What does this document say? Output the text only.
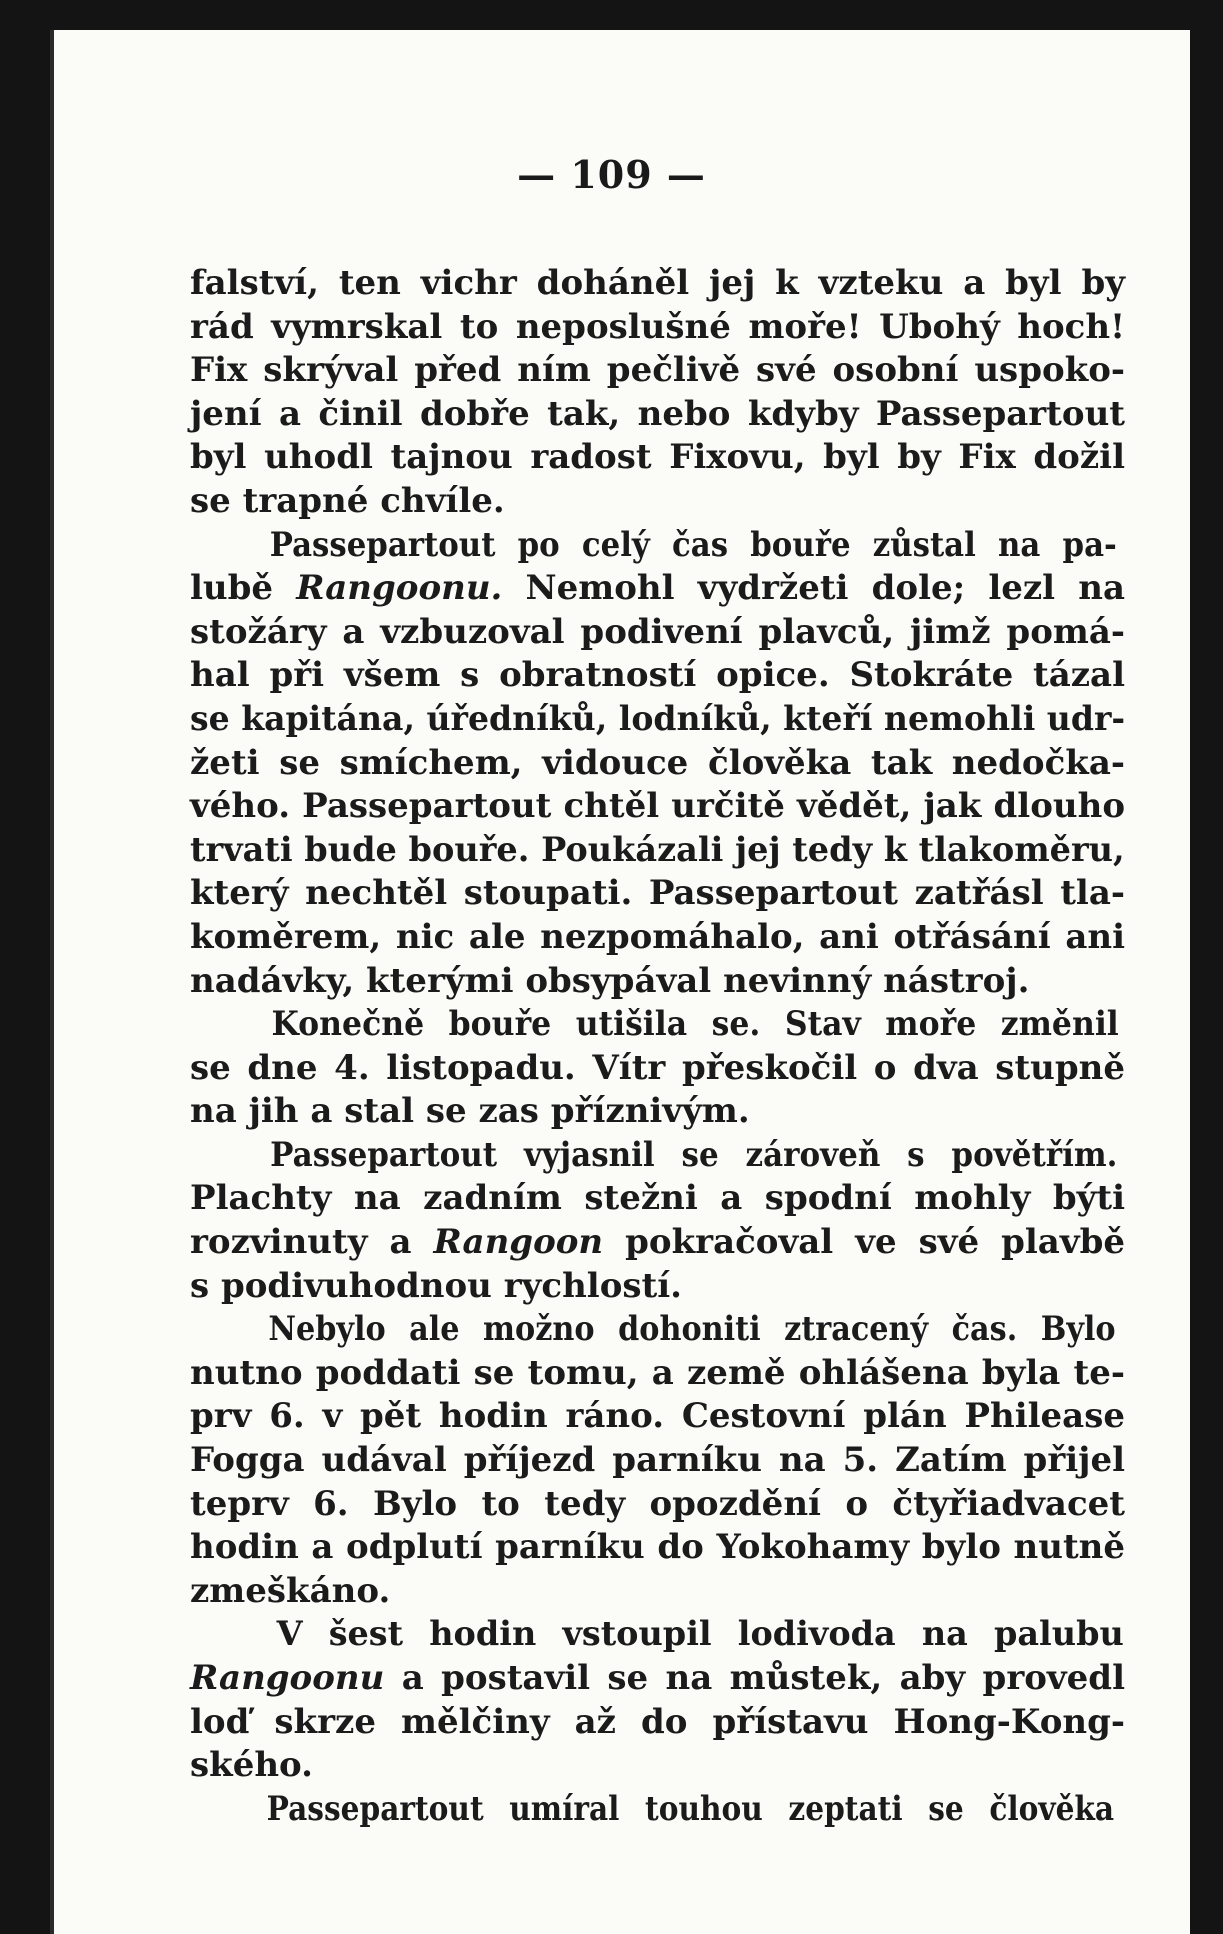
— 109 —
falství, ten vichr doháněl jej k vzteku a byl by
rád vymrskal to neposlušné moře! Ubohý hoch!
Fix skrýval před ním pečlivě své osobní uspoko-
jení a činil dobře tak, nebo kdyby Passepartout
byl uhodl tajnou radost Fixovu, byl by Fix dožil
se trapné chvíle.
Passepartout po celý čas bouře zůstal na pa-
lubě Rangoonu. Nemohl vydržeti dole; lezl na
stožáry a vzbuzoval podivení plavců, jimž pomá-
hal při všem s obratností opice. Stokráte tázal
se kapitána, úředníků, lodníků, kteří nemohli udr-
žeti se smíchem, vidouce člověka tak nedočka-
vého. Passepartout chtěl určitě vědět, jak dlouho
trvati bude bouře. Poukázali jej tedy k tlakoměru,
který nechtěl stoupati. Passepartout zatřásl tla-
koměrem, nic ale nezpomáhalo, ani otřásání ani
nadávky, kterými obsypával nevinný nástroj.
Konečně bouře utišila se. Stav moře změnil
se dne 4. listopadu. Vítr přeskočil o dva stupně
na jih a stal se zas příznivým.
Passepartout vyjasnil se zároveň s povětřím.
Plachty na zadním stežni a spodní mohly býti
rozvinuty a Rangoon pokračoval ve své plavbě
s podivuhodnou rychlostí.
Nebylo ale možno dohoniti ztracený čas. Bylo
nutno poddati se tomu, a země ohlášena byla te-
prv 6. v pět hodin ráno. Cestovní plán Philease
Fogga udával příjezd parníku na 5. Zatím přijel
teprv 6. Bylo to tedy opozdění o čtyřiadvacet
hodin a odplutí parníku do Yokohamy bylo nutně
zmeškáno.
V šest hodin vstoupil lodivoda na palubu
Rangoonu a postavil se na můstek, aby provedl
loď skrze mělčiny až do přístavu Hong-Kong-
ského.
Passepartout umíral touhou zeptati se člověka
